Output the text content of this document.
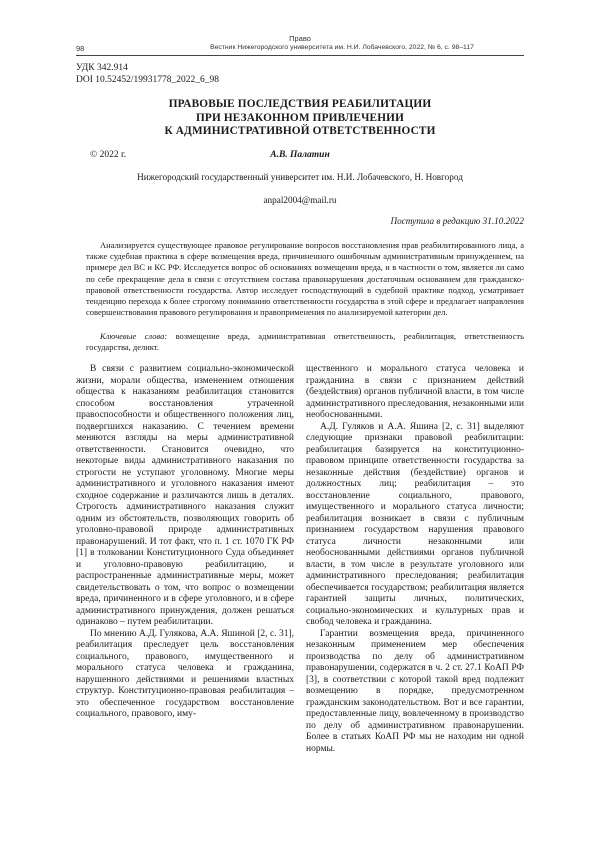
Право
98	Вестник Нижегородского университета им. Н.И. Лобачевского, 2022, № 6, с. 98–117
УДК 342.914
DOI 10.52452/19931778_2022_6_98
ПРАВОВЫЕ ПОСЛЕДСТВИЯ РЕАБИЛИТАЦИИ
ПРИ НЕЗАКОННОМ ПРИВЛЕЧЕНИИ
К АДМИНИСТРАТИВНОЙ ОТВЕТСТВЕННОСТИ
А.В. Палатин
© 2022 г.
Нижегородский государственный университет им. Н.И. Лобачевского, Н. Новгород
anpal2004@mail.ru
Поступила в редакцию 31.10.2022

Анализируется существующее правовое регулирование вопросов восстановления прав реабилитированного лица, а также судебная практика в сфере возмещения вреда, причиненного ошибочным административным принуждением, на примере дел ВС и КС РФ. Исследуется вопрос об основаниях возмещения вреда, и в частности о том, является ли само по себе прекращение дела в связи с отсутствием состава правонарушения достаточным основанием для гражданско-правовой ответственности государства. Автор исследует господствующий в судебной практике подход, усматривает тенденцию перехода к более строгому пониманию ответственности государства в этой сфере и предлагает направления совершенствования правового регулирования и правоприменения по анализируемой категории дел.

Ключевые слова: возмещение вреда, административная ответственность, реабилитация, ответственность государства, деликт.

В связи с развитием социально-экономической жизни, морали общества, изменением отношения общества к наказаниям реабилитация становится способом восстановления утраченной правоспособности и общественного положения лиц, подвергшихся наказанию. С течением времени меняются взгляды на меры административной ответственности. Становится очевидно, что некоторые виды административного наказания по строгости не уступают уголовному. Многие меры административного и уголовного наказания имеют сходное содержание и различаются лишь в деталях. Строгость административного наказания служит одним из обстоятельств, позволяющих говорить об уголовно-правовой природе административных правонарушений. И тот факт, что п. 1 ст. 1070 ГК РФ [1] в толковании Конституционного Суда объединяет и уголовно-правовую реабилитацию, и распространенные административные меры, может свидетельствовать о том, что вопрос о возмещении вреда, причиненного и в сфере уголовного, и в сфере административного принуждения, должен решаться одинаково – путем реабилитации.

По мнению А.Д. Гулякова, А.А. Яшиной [2, с. 31], реабилитация преследует цель восстановления социального, правового, имущественного и морального статуса человека и гражданина, нарушенного действиями и решениями властных структур. Конституционно-правовая реабилитация – это обеспеченное государством восстановление социального, правового, иму-

щественного и морального статуса человека и гражданина в связи с признанием действий (бездействия) органов публичной власти, в том числе административного преследования, незаконными или необоснованными.

А.Д. Гуляков и А.А. Яшина [2, с. 31] выделяют следующие признаки правовой реабилитации: реабилитация базируется на конституционно-правовом принципе ответственности государства за незаконные действия (бездействие) органов и должностных лиц; реабилитация – это восстановление социального, правового, имущественного и морального статуса личности; реабилитация возникает в связи с публичным признанием государством нарушения правового статуса личности незаконными или необоснованными действиями органов публичной власти, в том числе в результате уголовного или административного преследования; реабилитация обеспечивается государством; реабилитация является гарантией защиты личных, политических, социально-экономических и культурных прав и свобод человека и гражданина.

Гарантии возмещения вреда, причиненного незаконным применением мер обеспечения производства по делу об административном правонарушении, содержатся в ч. 2 ст. 27.1 КоАП РФ [3], в соответствии с которой такой вред подлежит возмещению в порядке, предусмотренном гражданским законодательством. Вот и все гарантии, предоставленные лицу, вовлеченному в производство по делу об административном правонарушении. Более в статьях КоАП РФ мы не находим ни одной нормы.
